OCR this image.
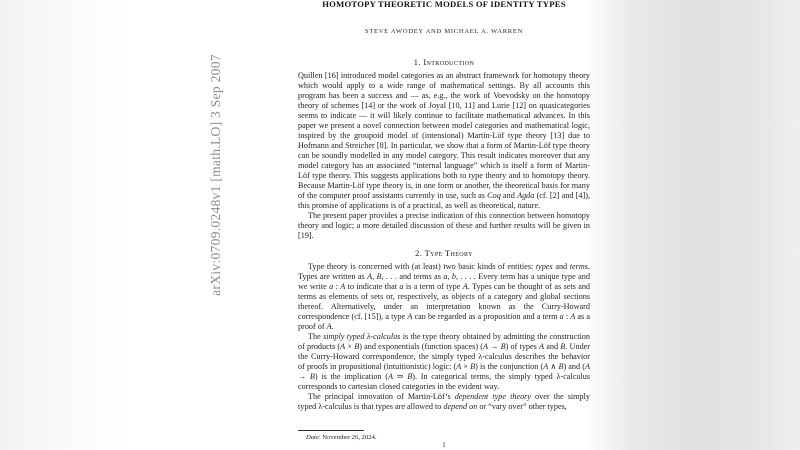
arXiv:0709.0248v1 [math.LO] 3 Sep 2007
HOMOTOPY THEORETIC MODELS OF IDENTITY TYPES
STEVE AWODEY AND MICHAEL A. WARREN
1. Introduction

Quillen [16] introduced model categories as an abstract framework for homotopy theory which would apply to a wide range of mathematical settings. By all accounts this program has been a success and — as, e.g., the work of Voevodsky on the homotopy theory of schemes [14] or the work of Joyal [10, 11] and Lurie [12] on quasicategories seems to indicate — it will likely continue to facilitate mathematical advances. In this paper we present a novel connection between model categories and mathematical logic, inspired by the groupoid model of (intensional) Martin-Löf type theory [13] due to Hofmann and Streicher [8]. In particular, we show that a form of Martin-Löf type theory can be soundly modelled in any model category. This result indicates moreover that any model category has an associated “internal language” which is itself a form of Martin-Löf type theory. This suggests applications both to type theory and to homotopy theory. Because Martin-Löf type theory is, in one form or another, the theoretical basis for many of the computer proof assistants currently in use, such as Coq and Agda (cf. [2] and [4]), this promise of applications is of a practical, as well as theoretical, nature.

The present paper provides a precise indication of this connection between homotopy theory and logic; a more detailed discussion of these and further results will be given in [19].

2. Type Theory

Type theory is concerned with (at least) two basic kinds of entities: types and terms. Types are written as A, B, . . . and terms as a, b, . . . . Every term has a unique type and we write a : A to indicate that a is a term of type A. Types can be thought of as sets and terms as elements of sets or, respectively, as objects of a category and global sections thereof. Alternatively, under an interpretation known as the Curry-Howard correspondence (cf. [15]), a type A can be regarded as a proposition and a term a : A as a proof of A.

The simply typed λ-calculus is the type theory obtained by admitting the construction of products (A × B) and exponentials (function spaces) (A → B) of types A and B. Under the Curry-Howard correspondence, the simply typed λ-calculus describes the behavior of proofs in propositional (intuitionistic) logic: (A × B) is the conjunction (A ∧ B) and (A → B) is the implication (A ⇒ B). In categorical terms, the simply typed λ-calculus corresponds to cartesian closed categories in the evident way.

The principal innovation of Martin-Löf’s dependent type theory over the simply typed λ-calculus is that types are allowed to depend on or “vary over” other types,

Date: November 26, 2024.
1
